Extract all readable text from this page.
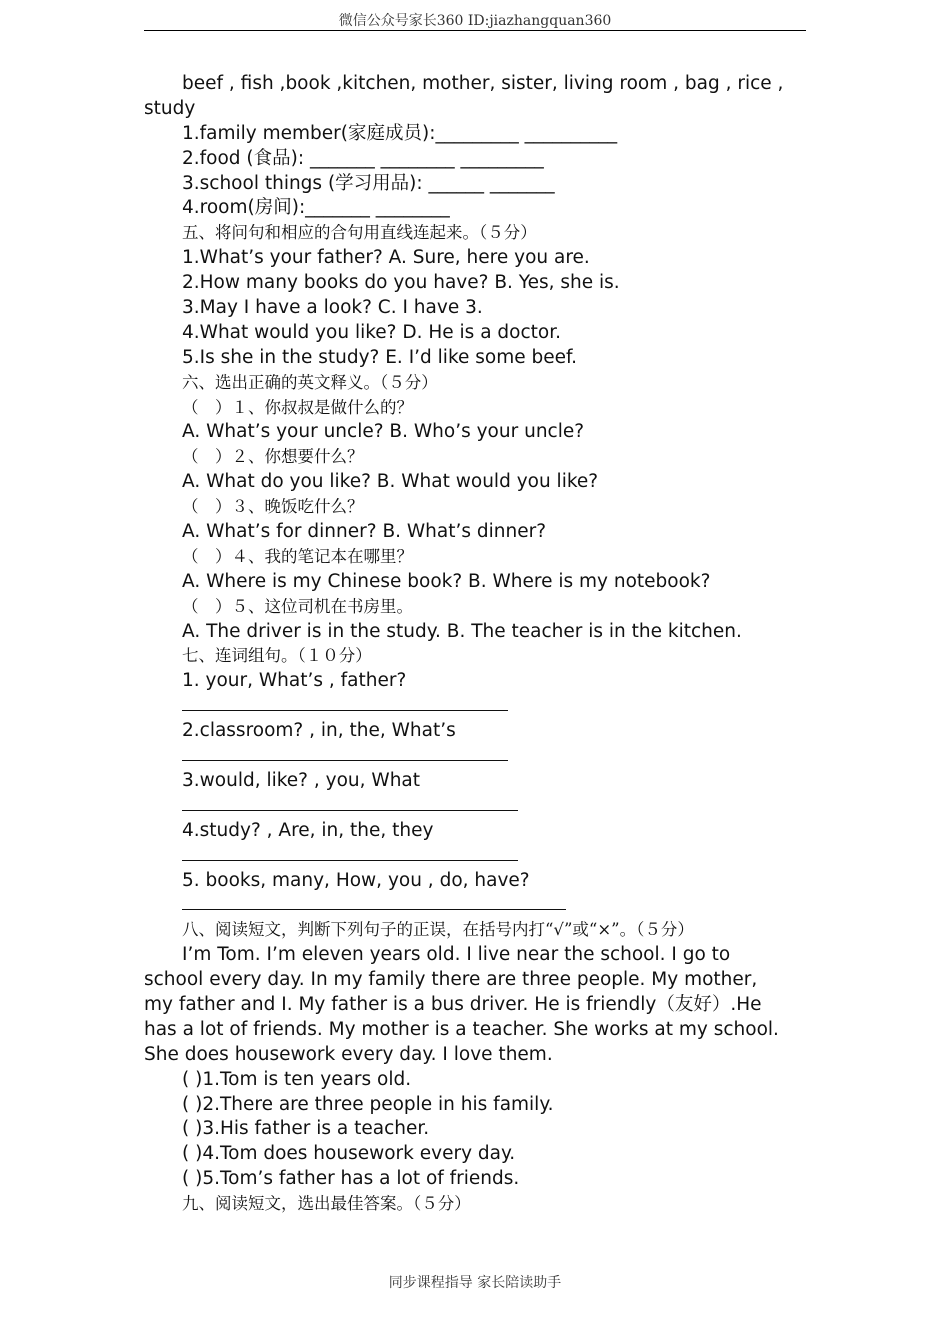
微信公众号家长360 ID:jiazhangquan360
beef , fish ,book ,kitchen, mother, sister, living room , bag , rice ,
study
1.family member(家庭成员):_________ __________
2.food (食品): _______ ________ _________
3.school things (学习用品): ______ _______
4.room(房间):_______ ________
五、将问句和相应的合句用直线连起来。（５分）
1.What’s your father? A. Sure, here you are.
2.How many books do you have? B. Yes, she is.
3.May I have a look? C. I have 3.
4.What would you like? D. He is a doctor.
5.Is she in the study? E. I’d like some beef.
六、选出正确的英文释义。（５分）
（　）１、你叔叔是做什么的？
A. What’s your uncle? B. Who’s your uncle?
（　）２、你想要什么？
A. What do you like? B. What would you like?
（　）３、晚饭吃什么？
A. What’s for dinner? B. What’s dinner?
（　）４、我的笔记本在哪里？
A. Where is my Chinese book? B. Where is my notebook?
（　）５、这位司机在书房里。
A. The driver is in the study. B. The teacher is in the kitchen.
七、连词组句。（１０分）
1. your, What’s , father?
2.classroom? , in, the, What’s
3.would, like? , you, What
4.study? , Are, in, the, they
5. books, many, How, you , do, have?
八、阅读短文，判断下列句子的正误，在括号内打“√”或“×”。（５分）
I’m Tom. I’m eleven years old. I live near the school. I go to
school every day. In my family there are three people. My mother,
my father and I. My father is a bus driver. He is friendly（友好）.He
has a lot of friends. My mother is a teacher. She works at my school.
She does housework every day. I love them.
( )1.Tom is ten years old.
( )2.There are three people in his family.
( )3.His father is a teacher.
( )4.Tom does housework every day.
( )5.Tom’s father has a lot of friends.
九、阅读短文，选出最佳答案。（５分）
同步课程指导 家长陪读助手
